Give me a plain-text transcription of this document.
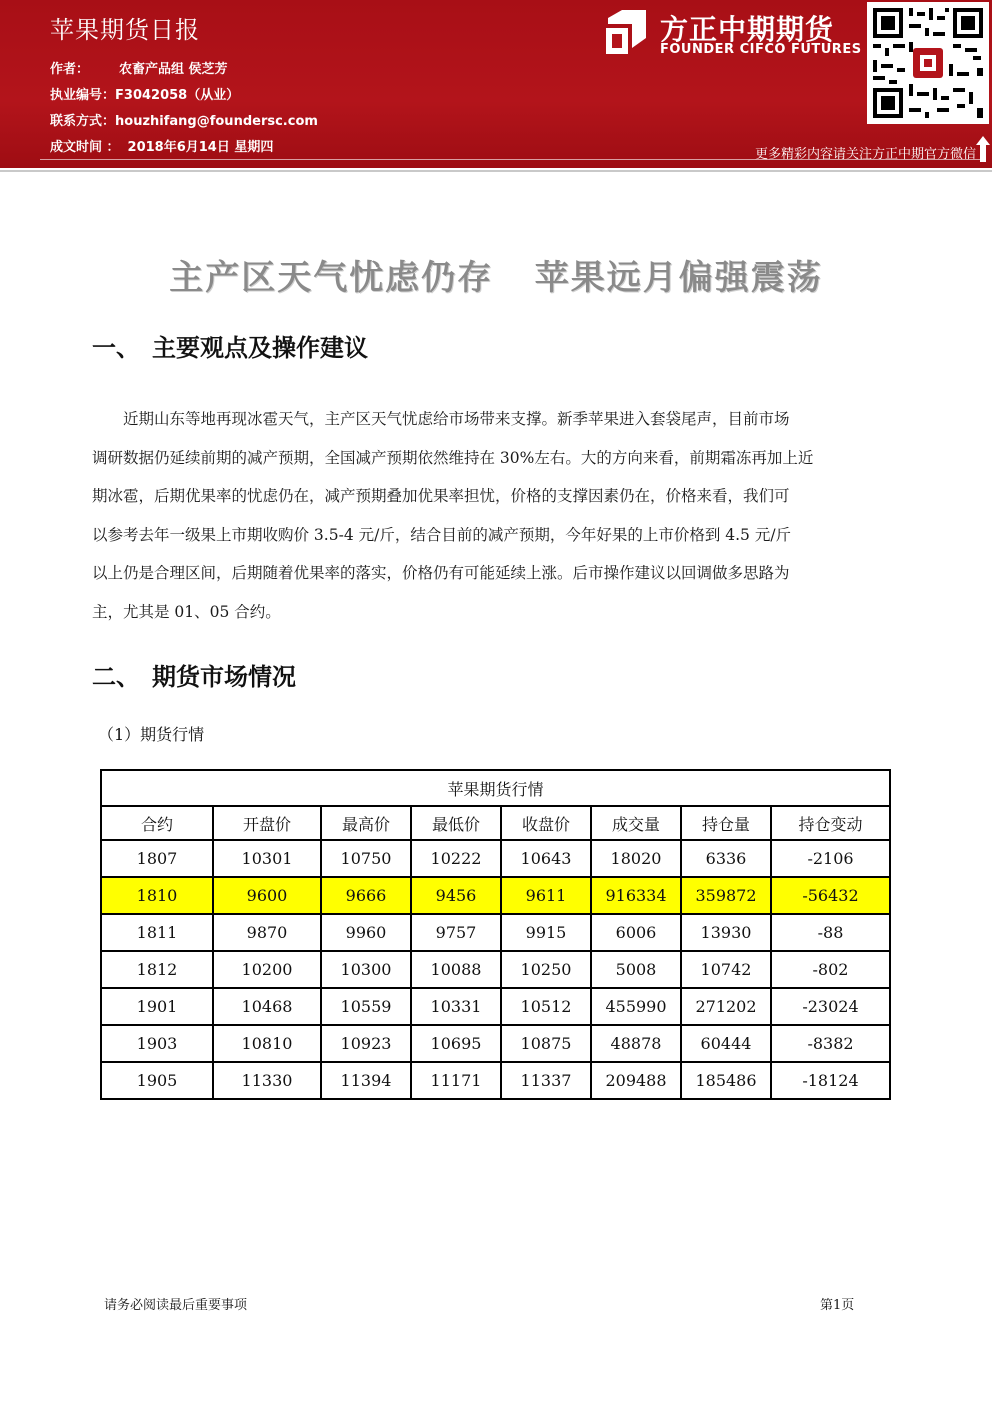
苹果期货日报
作者： 农畜产品组 侯芝芳
执业编号：F3042058（从业）
联系方式：houzhifang@foundersc.com
成文时间 ： 2018年6月14日 星期四
方正中期期货
FOUNDER CIFCO FUTURES
更多精彩内容请关注方正中期官方微信
主产区天气忧虑仍存   苹果远月偏强震荡
一、 主要观点及操作建议
近期山东等地再现冰雹天气，主产区天气忧虑给市场带来支撑。新季苹果进入套袋尾声，目前市场
调研数据仍延续前期的减产预期，全国减产预期依然维持在 30%左右。大的方向来看，前期霜冻再加上近
期冰雹，后期优果率的忧虑仍在，减产预期叠加优果率担忧，价格的支撑因素仍在，价格来看，我们可
以参考去年一级果上市期收购价 3.5-4 元/斤，结合目前的减产预期，今年好果的上市价格到 4.5 元/斤
以上仍是合理区间，后期随着优果率的落实，价格仍有可能延续上涨。后市操作建议以回调做多思路为
主，尤其是 01、05 合约。
二、 期货市场情况
（1）期货行情
苹果期货行情							
合约	开盘价	最高价	最低价	收盘价	成交量	持仓量	持仓变动
1807	10301	10750	10222	10643	18020	6336	-2106
1810	9600	9666	9456	9611	916334	359872	-56432
1811	9870	9960	9757	9915	6006	13930	-88
1812	10200	10300	10088	10250	5008	10742	-802
1901	10468	10559	10331	10512	455990	271202	-23024
1903	10810	10923	10695	10875	48878	60444	-8382
1905	11330	11394	11171	11337	209488	185486	-18124
请务必阅读最后重要事项	第1页
